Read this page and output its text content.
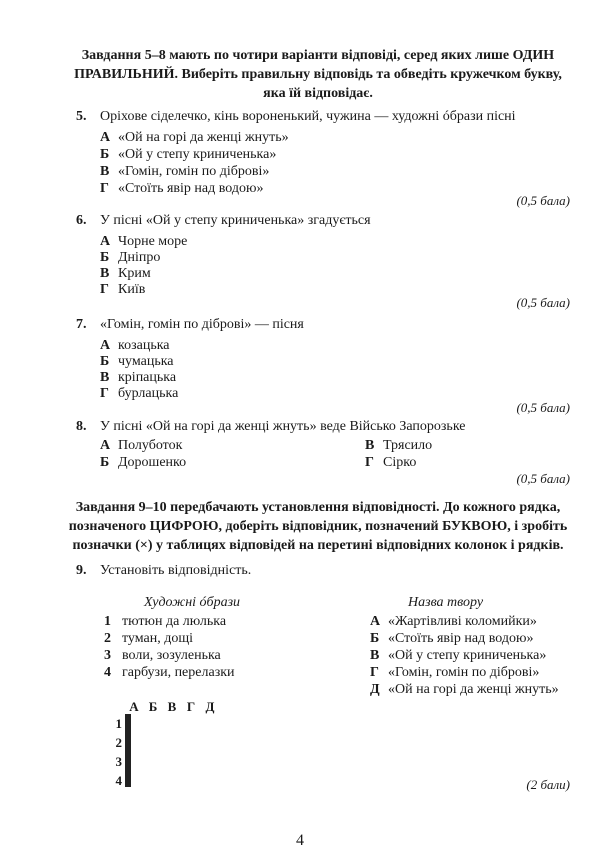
Завдання 5–8 мають по чотири варіанти відповіді, серед яких лише ОДИН ПРАВИЛЬНИЙ. Виберіть правильну відповідь та обведіть кружечком букву, яка їй відповідає.
5. Оріхове сіделечко, кінь вороненький, чужина — художні óбрази пісні
А «Ой на горі да женці жнуть»
Б «Ой у степу криниченька»
В «Гомін, гомін по діброві»
Г «Стоїть явір над водою»
(0,5 бала)
6. У пісні «Ой у степу криниченька» згадується
А Чорне море
Б Дніпро
В Крим
Г Київ
(0,5 бала)
7. «Гомін, гомін по діброві» — пісня
А козацька
Б чумацька
В кріпацька
Г бурлацька
(0,5 бала)
8. У пісні «Ой на горі да женці жнуть» веде Військо Запорозьке
А Полуботок
Б Дорошенко
В Трясило
Г Сірко
(0,5 бала)
Завдання 9–10 передбачають установлення відповідності. До кожного рядка, позначеного ЦИФРОЮ, доберіть відповідник, позначений БУКВОЮ, і зробіть позначки (×) у таблицях відповідей на перетині відповідних колонок і рядків.
9. Установіть відповідність.
Художні óбрази	Назва твору
1 тютюн да люлька
2 туман, дощі
3 воли, зозуленька
4 гарбузи, перелазки
А «Жартівливі коломийки»
Б «Стоїть явір над водою»
В «Ой у степу криниченька»
Г «Гомін, гомін по діброві»
Д «Ой на горі да женці жнуть»
А Б В Г Д
1
2
3
4

					(2 бали)
4
